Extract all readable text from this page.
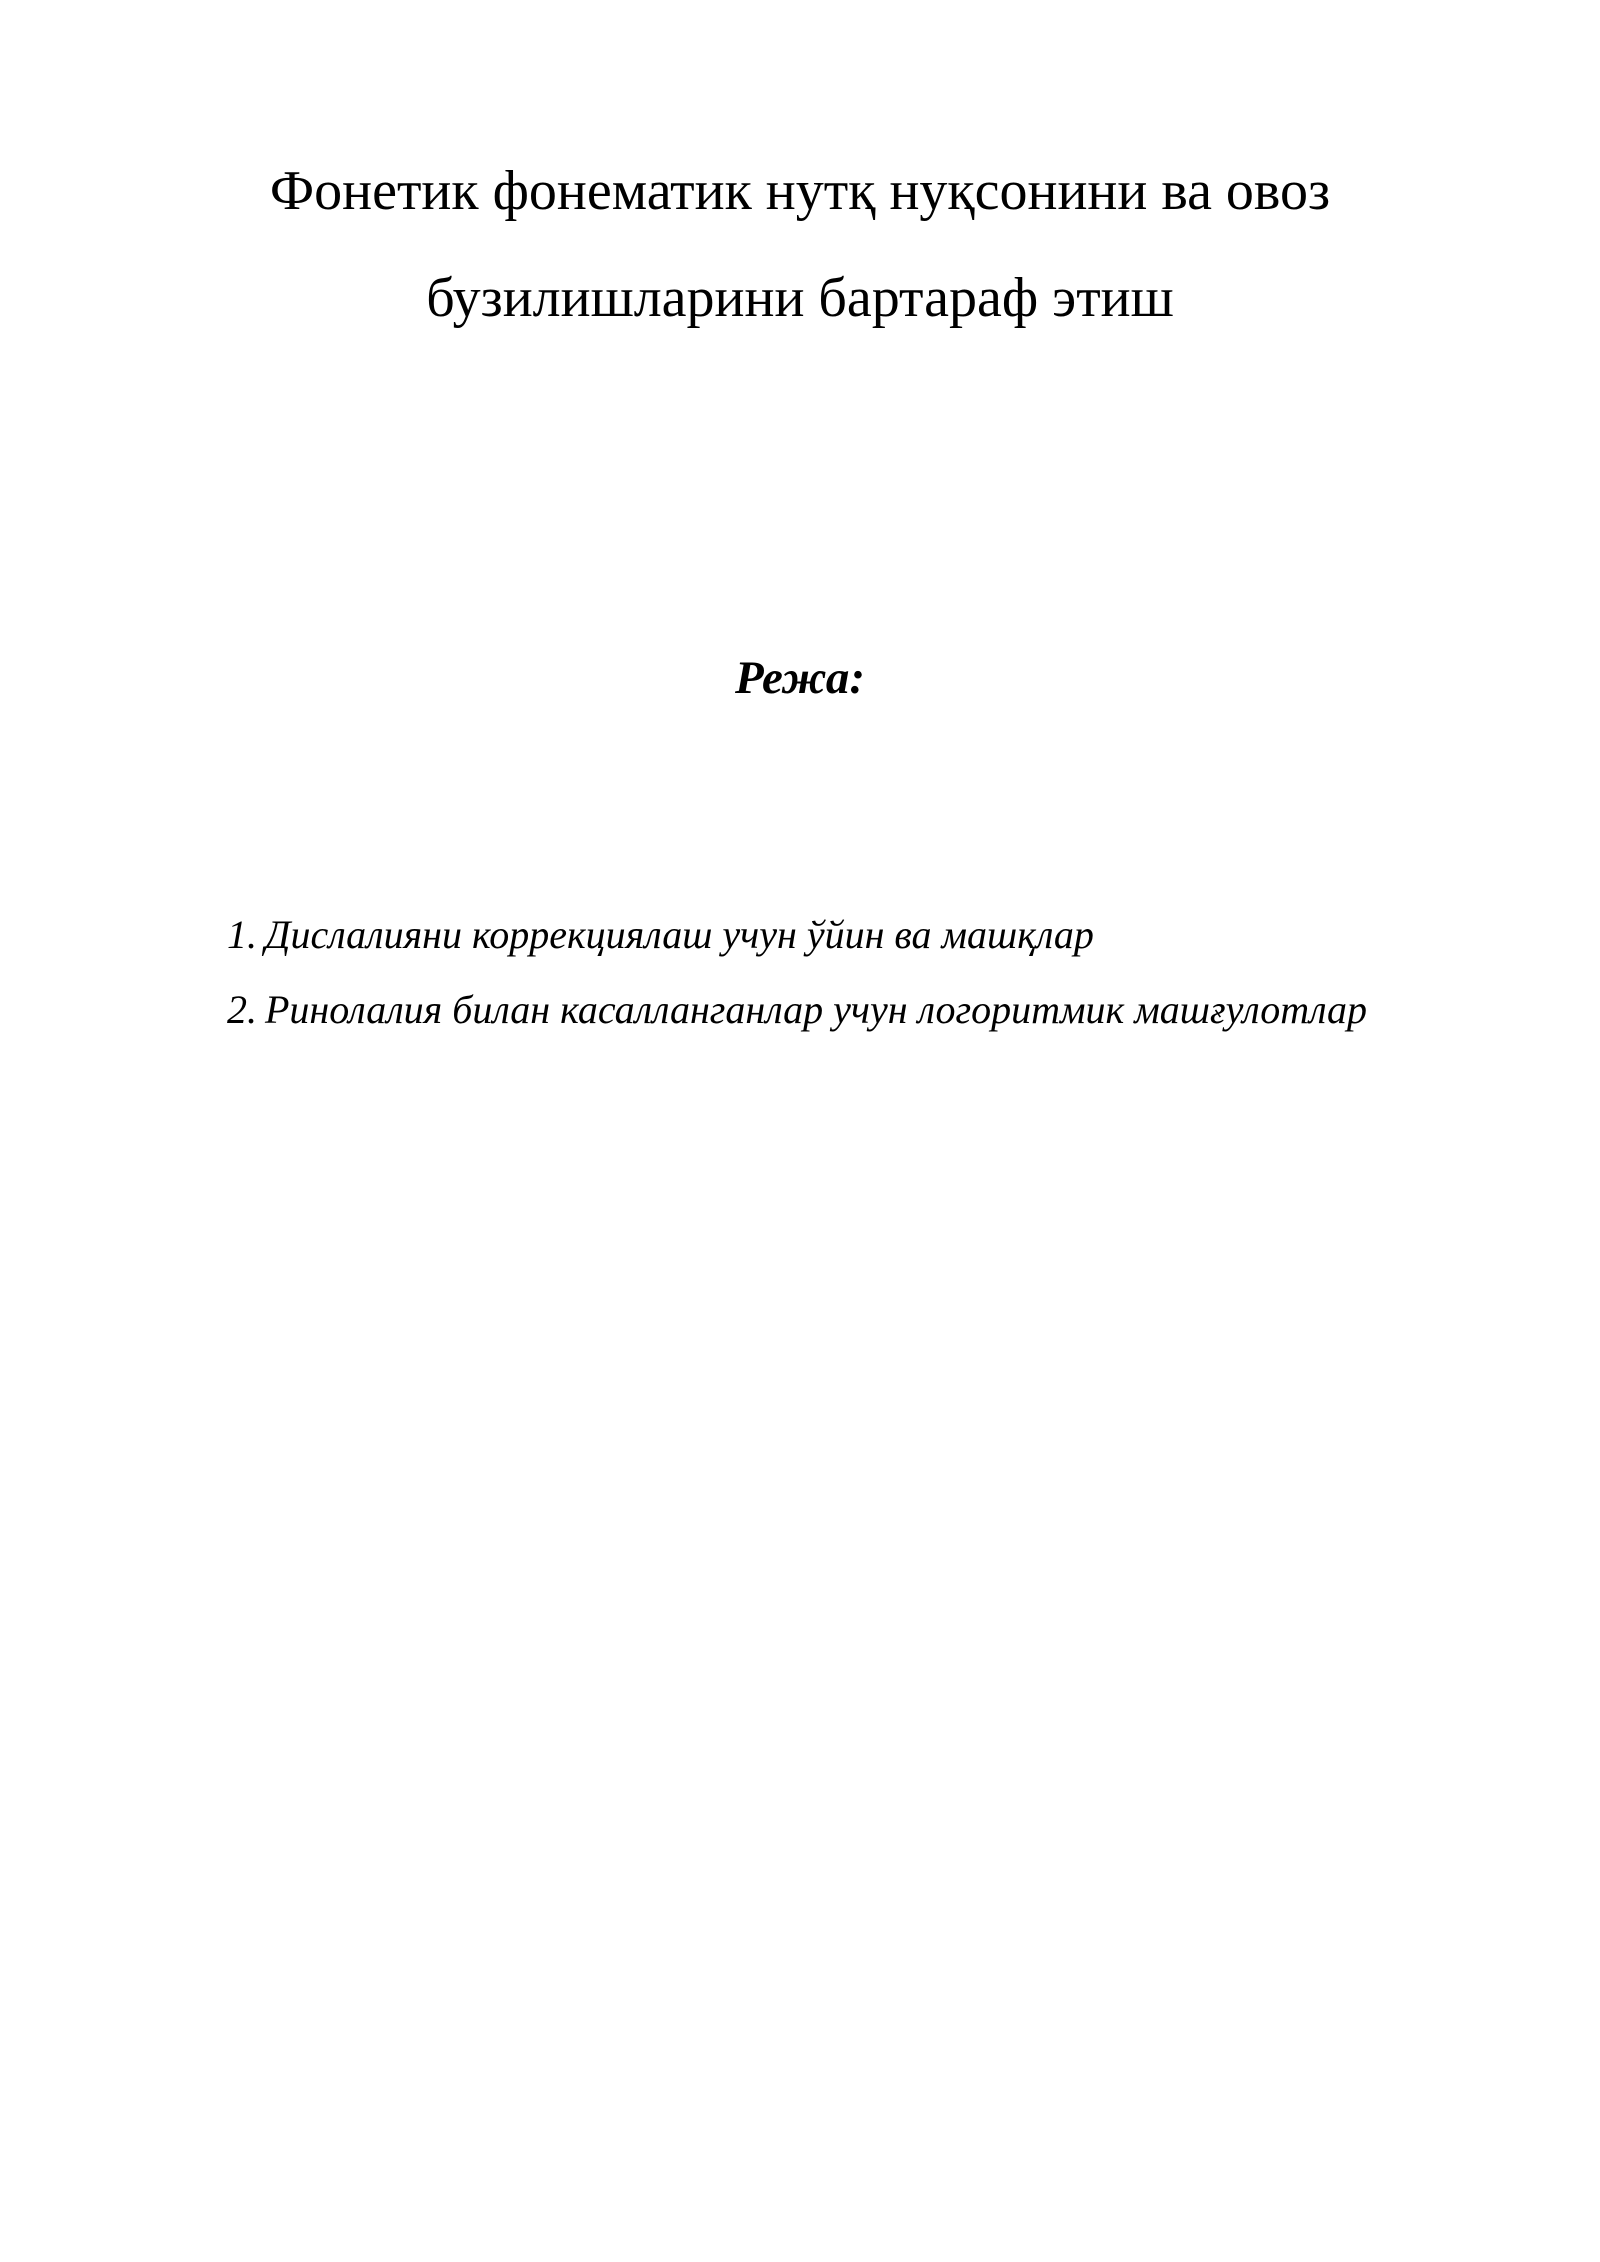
Фонетик фонематик нутқ нуқсонини ва овоз
бузилишларини бартараф этиш
Режа:
1. Дислалияни коррекциялаш учун ўйин ва машқлар
2. Ринолалия билан касалланганлар учун логоритмик машғулотлар
